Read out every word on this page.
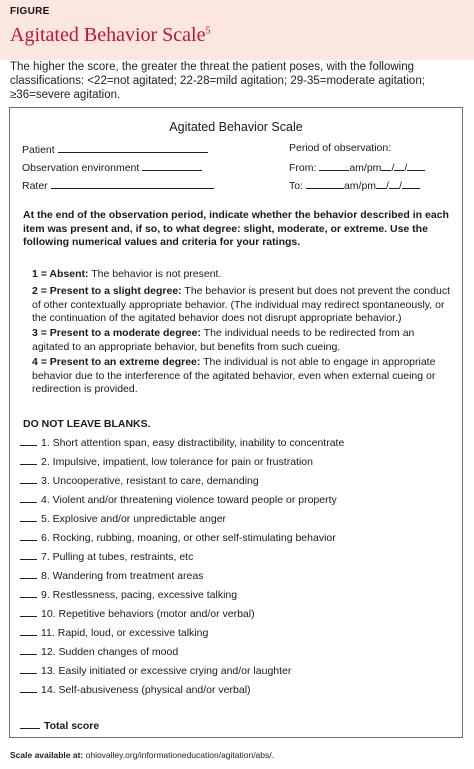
FIGURE
Agitated Behavior Scale$^5$
The higher the score, the greater the threat the patient poses, with the following classifications: <22=not agitated; 22-28=mild agitation; 29-35=moderate agitation; ≥36=severe agitation.
Agitated Behavior Scale
Patient
Observation environment
Rater
Period of observation:
From:	am/pm / /
To:	am/pm / /
At the end of the observation period, indicate whether the behavior described in each item was present and, if so, to what degree: slight, moderate, or extreme. Use the following numerical values and criteria for your ratings.
1 = Absent: The behavior is not present.
2 = Present to a slight degree: The behavior is present but does not prevent the conduct of other contextually appropriate behavior. (The individual may redirect spontaneously, or the continuation of the agitated behavior does not disrupt appropriate behavior.)
3 = Present to a moderate degree: The individual needs to be redirected from an agitated to an appropriate behavior, but benefits from such cueing.
4 = Present to an extreme degree: The individual is not able to engage in appropriate behavior due to the interference of the agitated behavior, even when external cueing or redirection is provided.
DO NOT LEAVE BLANKS.
1. Short attention span, easy distractibility, inability to concentrate
2. Impulsive, impatient, low tolerance for pain or frustration
3. Uncooperative, resistant to care, demanding
4. Violent and/or threatening violence toward people or property
5. Explosive and/or unpredictable anger
6. Rocking, rubbing, moaning, or other self-stimulating behavior
7. Pulling at tubes, restraints, etc
8. Wandering from treatment areas
9. Restlessness, pacing, excessive talking
10. Repetitive behaviors (motor and/or verbal)
11. Rapid, loud, or excessive talking
12. Sudden changes of mood
13. Easily initiated or excessive crying and/or laughter
14. Self-abusiveness (physical and/or verbal)
Total score
Scale available at: ohiovalley.org/informationeducation/agitation/abs/.
